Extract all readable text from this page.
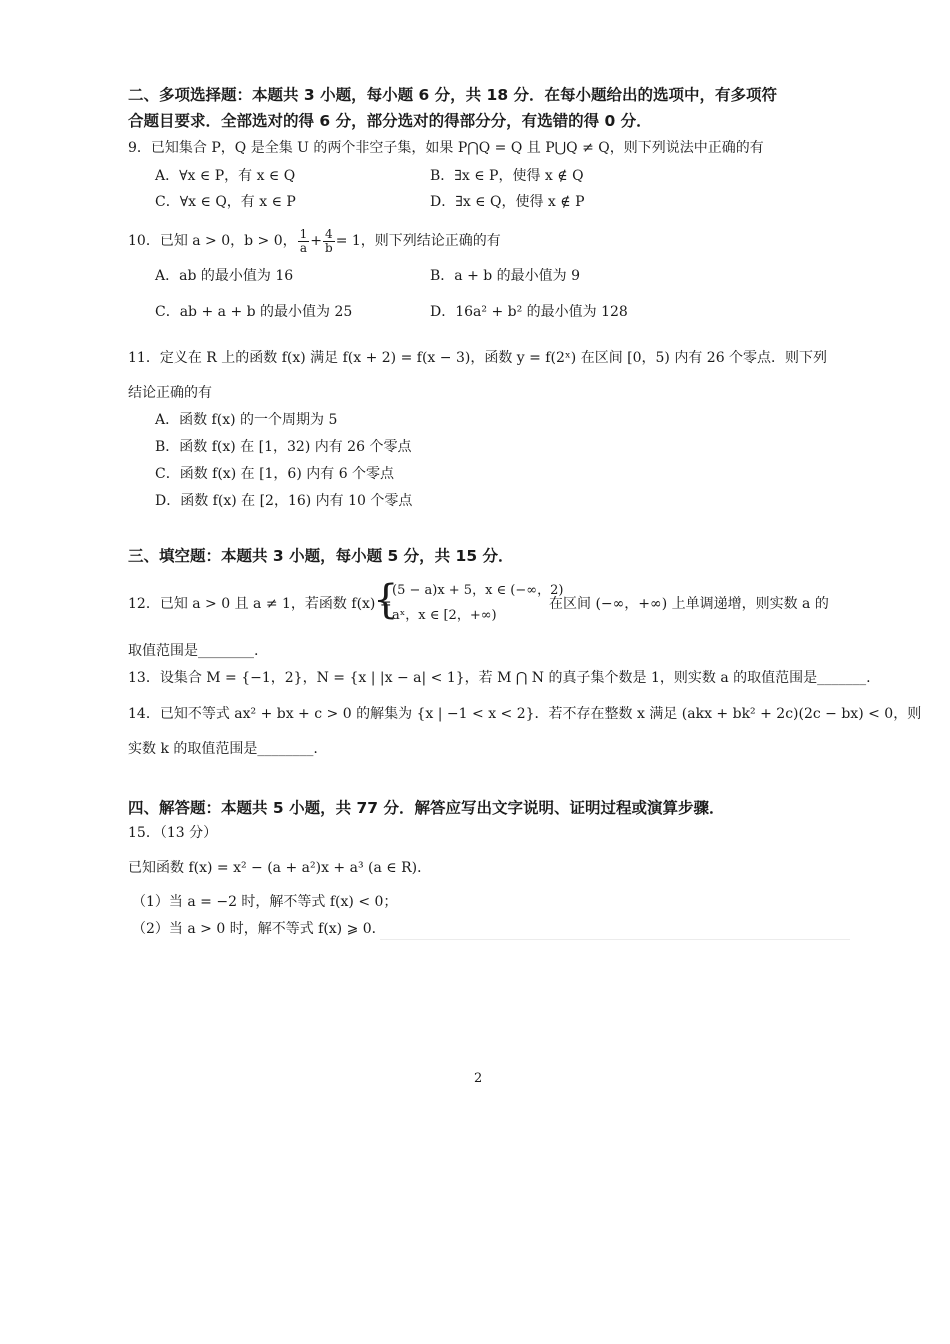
二、多项选择题：本题共 3 小题，每小题 6 分，共 18 分．在每小题给出的选项中，有多项符
合题目要求．全部选对的得 6 分，部分选对的得部分分，有选错的得 0 分．
9．已知集合 P，Q 是全集 U 的两个非空子集，如果 P⋂Q = Q 且 P⋃Q ≠ Q，则下列说法中正确的有
A．∀x ∈ P，有 x ∈ Q	B．∃x ∈ P，使得 x ∉ Q
C．∀x ∈ Q，有 x ∈ P	D．∃x ∈ Q，使得 x ∉ P
10．已知 a > 0，b > 0， $\frac{1}{a} + \frac{4}{b} = 1$，则下列结论正确的有
A．ab 的最小值为 16	B．a + b 的最小值为 9
C．ab + a + b 的最小值为 25	D．16a² + b² 的最小值为 128
11．定义在 R 上的函数 f(x) 满足 f(x + 2) = f(x − 3)，函数 y = f(2ˣ) 在区间 [0，5) 内有 26 个零点．则下列
结论正确的有
A．函数 f(x) 的一个周期为 5
B．函数 f(x) 在 [1，32) 内有 26 个零点
C．函数 f(x) 在 [1，6) 内有 6 个零点
D．函数 f(x) 在 [2，16) 内有 10 个零点
三、填空题：本题共 3 小题，每小题 5 分，共 15 分．
12．已知 a > 0 且 a ≠ 1，若函数 f(x) =
{
(5 − a)x + 5，x ∈ (−∞，2)
aˣ，x ∈ [2，+∞)
在区间 (−∞，+∞) 上单调递增，则实数 a 的
取值范围是________.
13．设集合 M = {−1，2}，N = {x | |x − a| < 1}，若 M ⋂ N 的真子集个数是 1，则实数 a 的取值范围是_______.
14．已知不等式 ax² + bx + c > 0 的解集为 {x | −1 < x < 2}．若不存在整数 x 满足 (akx + bk² + 2c)(2c − bx) < 0，则
实数 k 的取值范围是________.
四、解答题：本题共 5 小题，共 77 分．解答应写出文字说明、证明过程或演算步骤．
15．（13 分）
已知函数 f(x) = x² − (a + a²)x + a³ (a ∈ R)．
（1）当 a = −2 时，解不等式 f(x) < 0；
（2）当 a > 0 时，解不等式 f(x) ⩾ 0．
2
